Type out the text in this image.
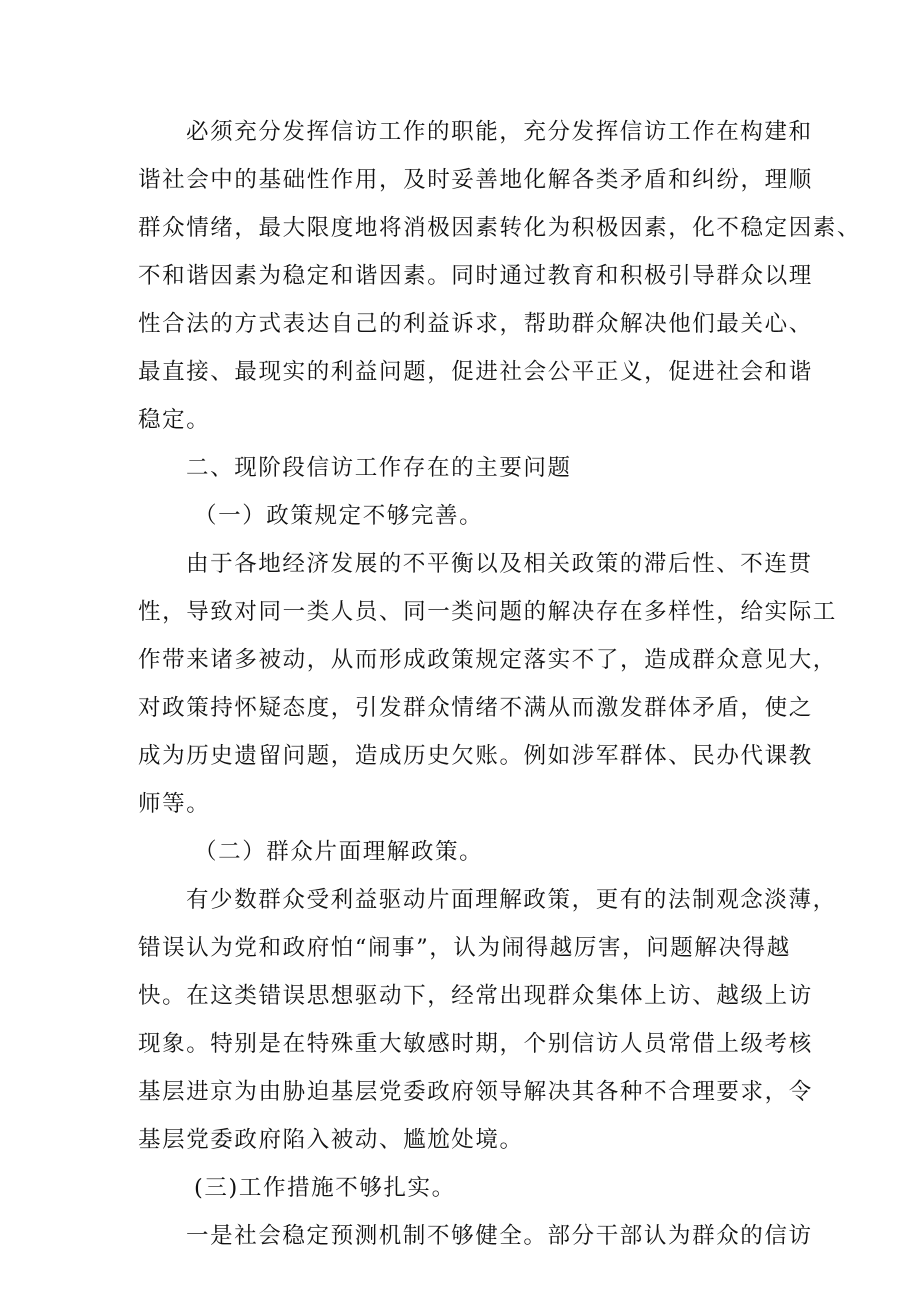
必须充分发挥信访工作的职能，充分发挥信访工作在构建和
谐社会中的基础性作用，及时妥善地化解各类矛盾和纠纷，理顺
群众情绪，最大限度地将消极因素转化为积极因素，化不稳定因素、
不和谐因素为稳定和谐因素。同时通过教育和积极引导群众以理
性合法的方式表达自己的利益诉求，帮助群众解决他们最关心、
最直接、最现实的利益问题，促进社会公平正义，促进社会和谐
稳定。
二、现阶段信访工作存在的主要问题
（一）政策规定不够完善。
由于各地经济发展的不平衡以及相关政策的滞后性、不连贯
性，导致对同一类人员、同一类问题的解决存在多样性，给实际工
作带来诸多被动，从而形成政策规定落实不了，造成群众意见大，
对政策持怀疑态度，引发群众情绪不满从而激发群体矛盾，使之
成为历史遗留问题，造成历史欠账。例如涉军群体、民办代课教
师等。
（二）群众片面理解政策。
有少数群众受利益驱动片面理解政策，更有的法制观念淡薄，
错误认为党和政府怕“闹事”，认为闹得越厉害，问题解决得越
快。在这类错误思想驱动下，经常出现群众集体上访、越级上访
现象。特别是在特殊重大敏感时期，个别信访人员常借上级考核
基层进京为由胁迫基层党委政府领导解决其各种不合理要求，令
基层党委政府陷入被动、尴尬处境。
(三)工作措施不够扎实。
一是社会稳定预测机制不够健全。部分干部认为群众的信访
